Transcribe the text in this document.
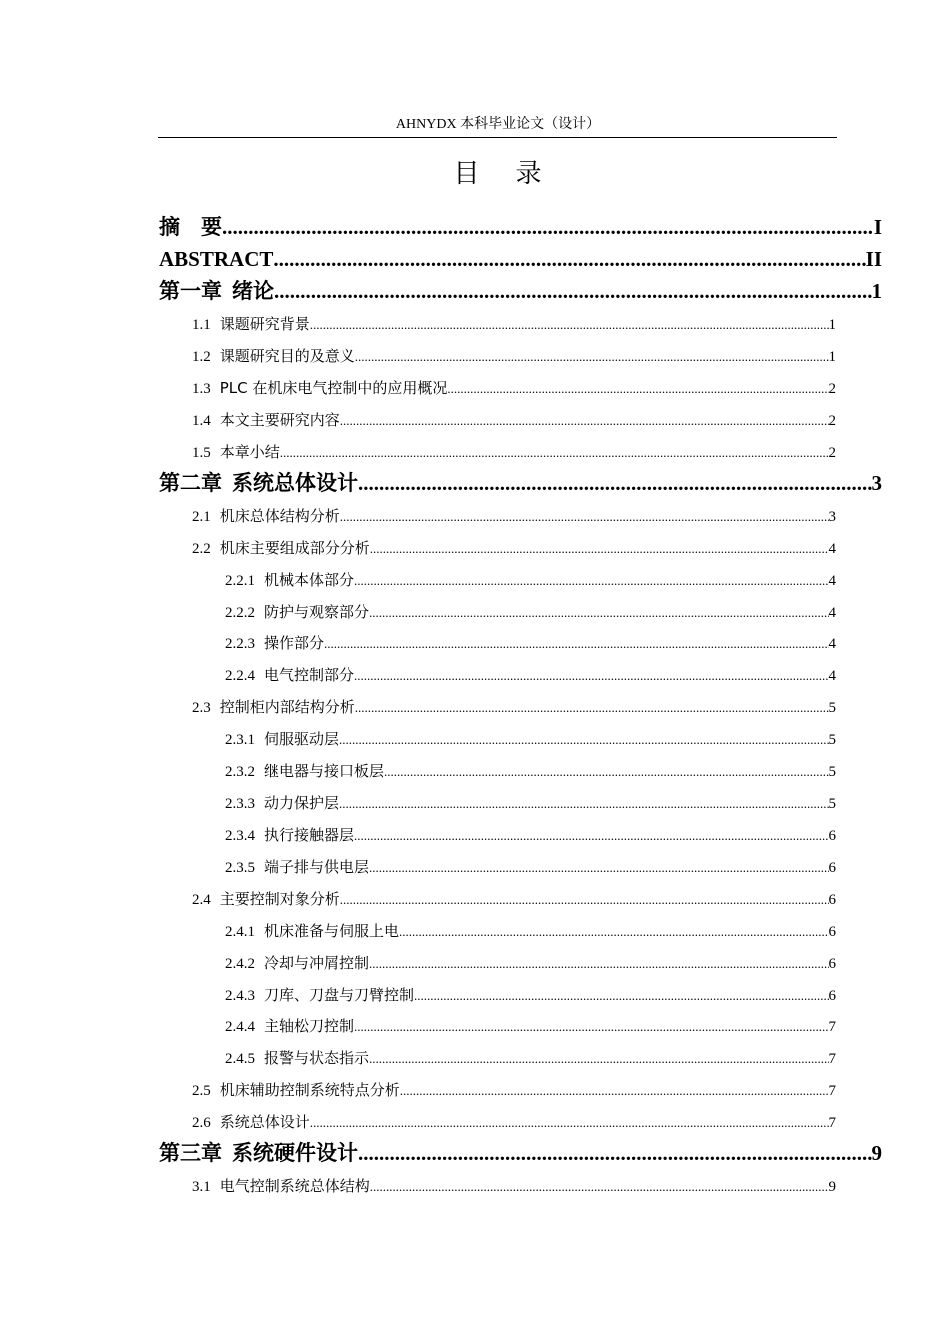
AHNYDX 本科毕业论文（设计）
目    录
摘    要 .....	I
ABSTRACT .....	II
第一章 绪论 .....	1
1.1 课题研究背景 .....	1
1.2 课题研究目的及意义 .....	1
1.3 PLC 在机床电气控制中的应用概况 .....	2
1.4 本文主要研究内容 .....	2
1.5 本章小结 .....	2
第二章 系统总体设计 .....	3
2.1 机床总体结构分析 .....	3
2.2 机床主要组成部分分析 .....	4
2.2.1 机械本体部分 .....	4
2.2.2 防护与观察部分 .....	4
2.2.3 操作部分 .....	4
2.2.4 电气控制部分 .....	4
2.3 控制柜内部结构分析 .....	5
2.3.1 伺服驱动层 .....	5
2.3.2 继电器与接口板层 .....	5
2.3.3 动力保护层 .....	5
2.3.4 执行接触器层 .....	6
2.3.5 端子排与供电层 .....	6
2.4 主要控制对象分析 .....	6
2.4.1 机床准备与伺服上电 .....	6
2.4.2 冷却与冲屑控制 .....	6
2.4.3 刀库、刀盘与刀臂控制 .....	6
2.4.4 主轴松刀控制 .....	7
2.4.5 报警与状态指示 .....	7
2.5 机床辅助控制系统特点分析 .....	7
2.6 系统总体设计 .....	7
第三章 系统硬件设计 .....	9
3.1 电气控制系统总体结构 .....	9
